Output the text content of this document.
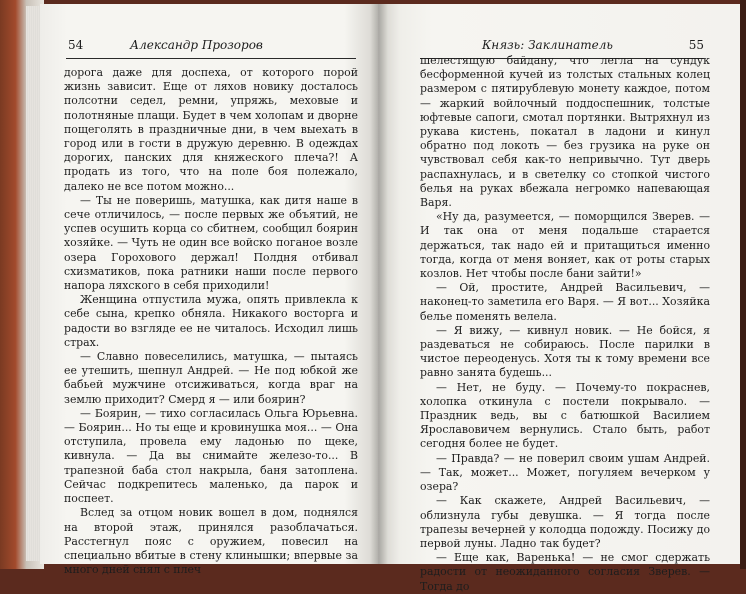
54	Александр Прозоров

дорога даже для доспеха, от которого порой жизнь зависит. Еще от ляхов новику досталось полсотни седел, ремни, упряжь, меховые и полотняные плащи. Будет в чем холопам и дворне пощеголять в праздничные дни, в чем выехать в город или в гости в дружую деревню. В одеждах дорогих, панских для княжеского плеча?! А продать из того, что на поле боя полежало, далеко не все потом можно...

— Ты не поверишь, матушка, как дитя наше в сече отличилось, — после первых же объятий, не успев осушить корца со сбитнем, сообщил боярин хозяйке. — Чуть не один все войско поганое возле озера Горохового держал! Полдня отбивал схизматиков, пока ратники наши после первого напора ляхского в себя приходили!

Женщина отпустила мужа, опять привлекла к себе сына, крепко обняла. Никакого восторга и радости во взгляде ее не читалось. Исходил лишь страх.

— Славно повеселились, матушка, — пытаясь ее утешить, шепнул Андрей. — Не под юбкой же бабьей мужчине отсиживаться, когда враг на землю приходит? Смерд я — или боярин?

— Боярин, — тихо согласилась Ольга Юрьевна. — Боярин... Но ты еще и кровинушка моя... — Она отступила, провела ему ладонью по щеке, кивнула. — Да вы снимайте железо-то... В трапезной баба стол накрыла, баня затоплена. Сейчас подкрепитесь маленько, да парок и поспеет.

Вслед за отцом новик вошел в дом, поднялся на второй этаж, принялся разоблачаться. Расстегнул пояс с оружием, повесил на специально вбитые в стену клинышки; впервые за много дней снял с плеч

Князь: Заклинатель	55

шелестящую байдану, что легла на сундук бесформенной кучей из толстых стальных колец размером с пятирублевую монету каждое, потом — жаркий войлочный поддоспешник, толстые юфтевые сапоги, смотал портянки. Вытряхнул из рукава кистень, покатал в ладони и кинул обратно под локоть — без грузика на руке он чувствовал себя как-то непривычно. Тут дверь распахнулась, и в светелку со стопкой чистого белья на руках вбежала негромко напевающая Варя.

«Ну да, разумеется, — поморщился Зверев. — И так она от меня подальше старается держаться, так надо ей и притащиться именно тогда, когда от меня воняет, как от роты старых козлов. Нет чтобы после бани зайти!»

— Ой, простите, Андрей Васильевич, — наконец-то заметила его Варя. — Я вот... Хозяйка белье поменять велела.

— Я вижу, — кивнул новик. — Не бойся, я раздеваться не собираюсь. После парилки в чистое переоденусь. Хотя ты к тому времени все равно занята будешь...

— Нет, не буду. — Почему-то покраснев, холопка откинула с постели покрывало. — Праздник ведь, вы с батюшкой Василием Ярославовичем вернулись. Стало быть, работ сегодня более не будет.

— Правда? — не поверил своим ушам Андрей. — Так, может... Может, погуляем вечерком у озера?

— Как скажете, Андрей Васильевич, — облизнула губы девушка. — Я тогда после трапезы вечерней у колодца подожду. Посижу до первой луны. Ладно так будет?

— Еще как, Варенька! — не смог сдержать радости от неожиданного согласия Зверев. — Тогда до
